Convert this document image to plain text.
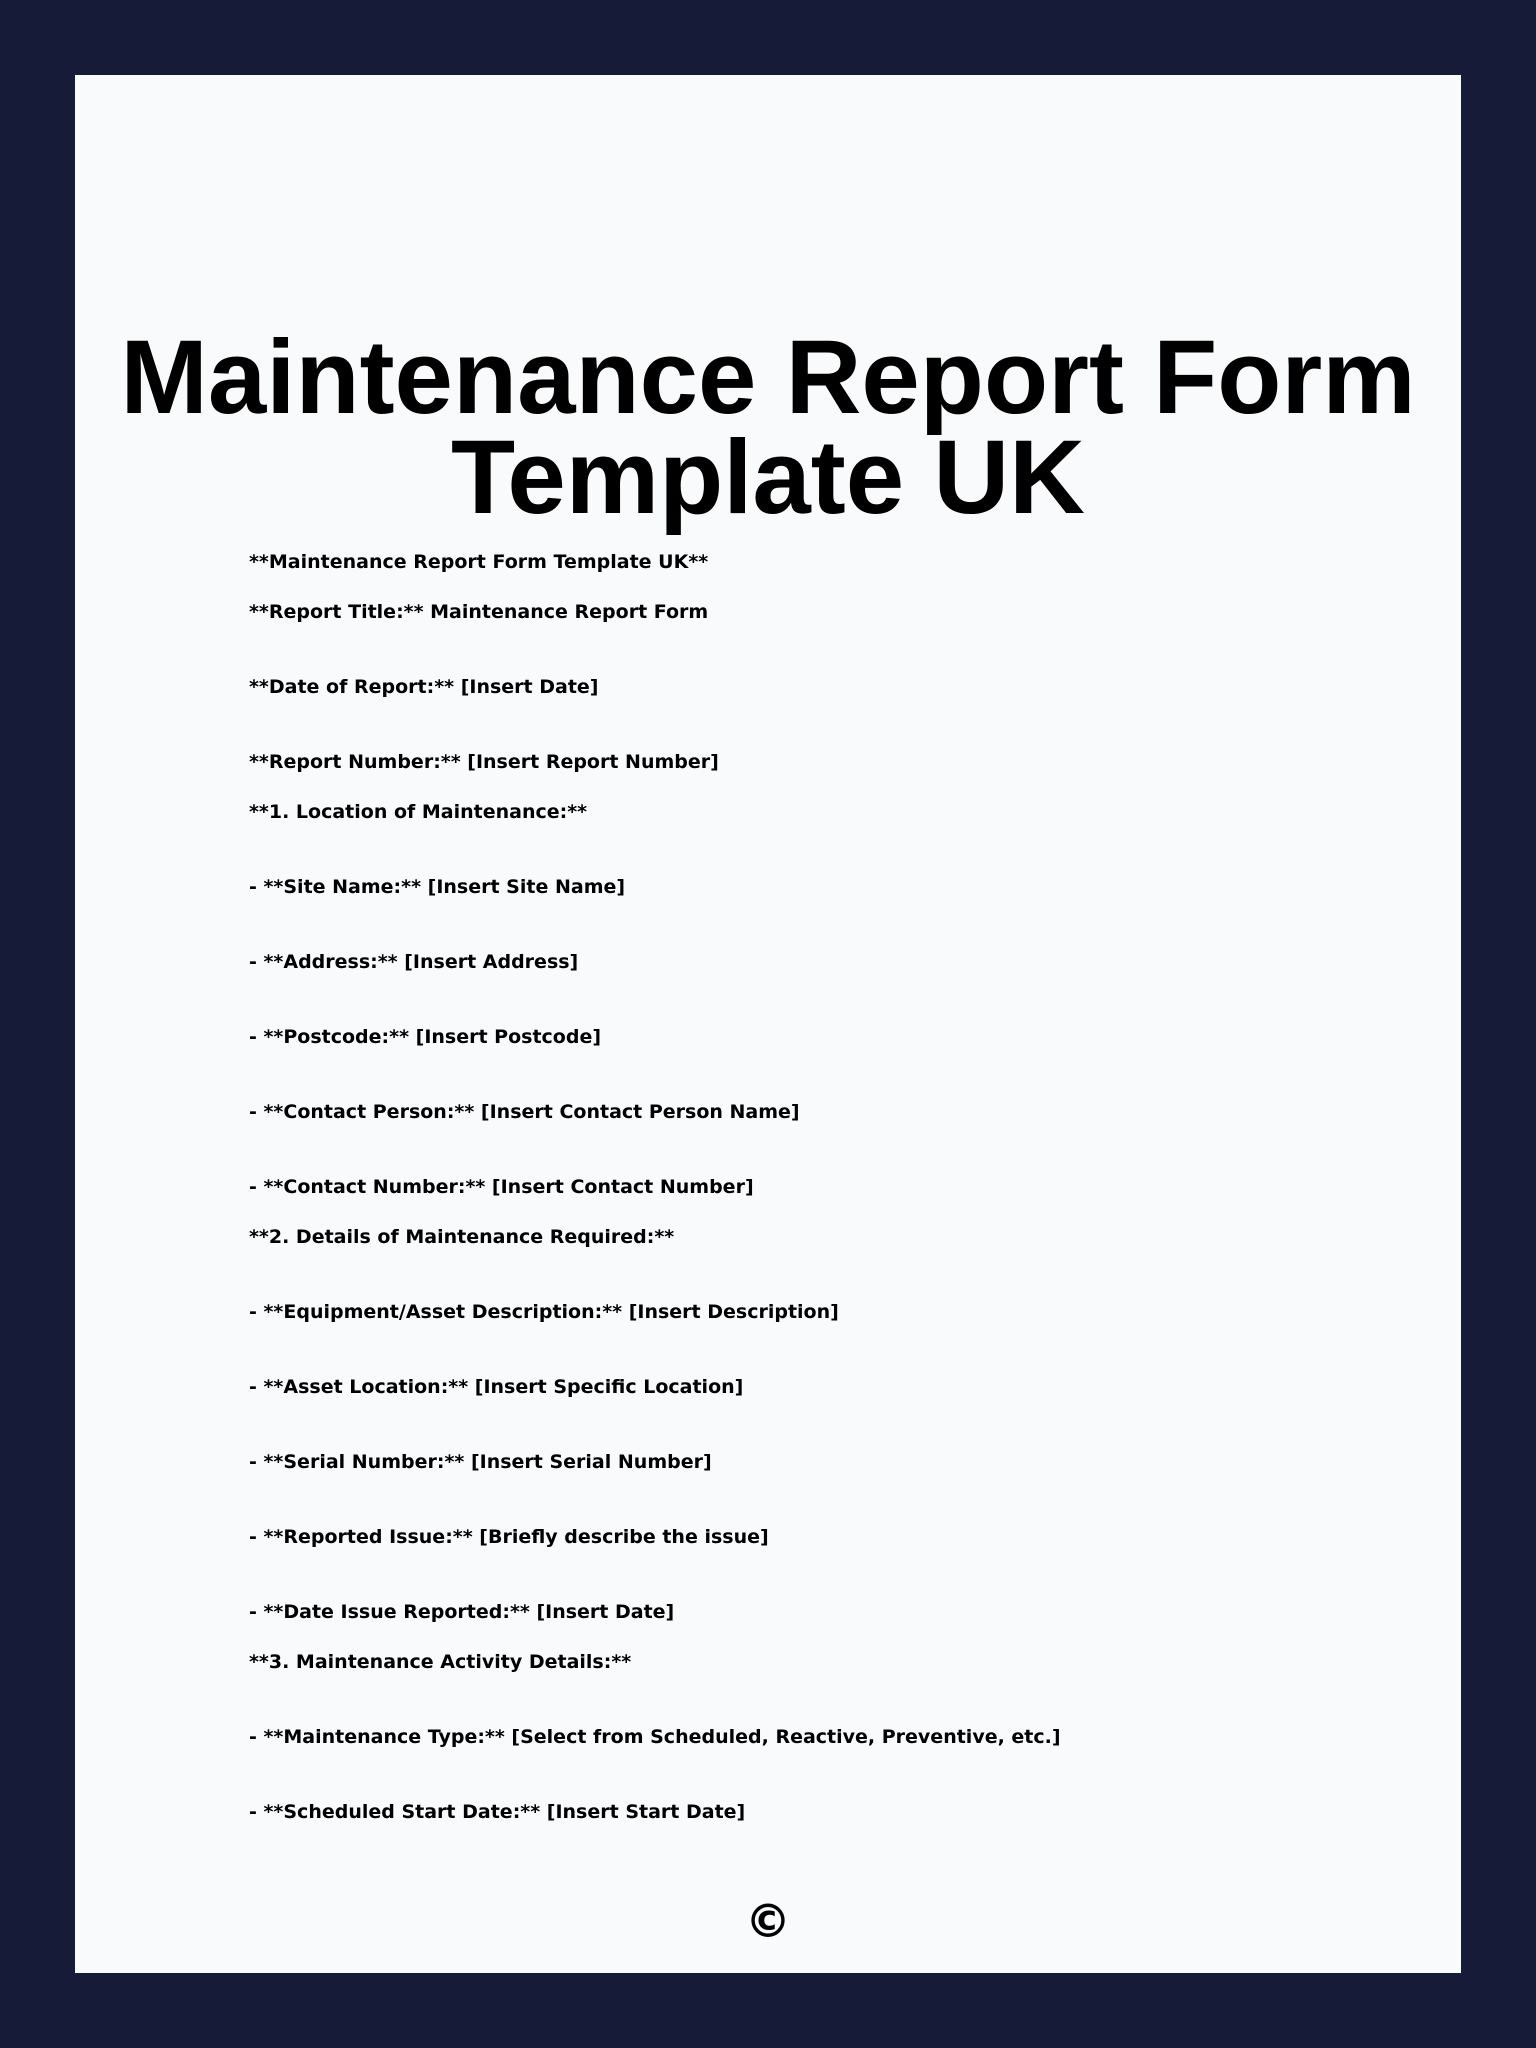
Maintenance Report Form Template UK

**Maintenance Report Form Template UK**

**Report Title:** Maintenance Report Form

**Date of Report:** [Insert Date]

**Report Number:** [Insert Report Number]

**1. Location of Maintenance:**

- **Site Name:** [Insert Site Name]

- **Address:** [Insert Address]

- **Postcode:** [Insert Postcode]

- **Contact Person:** [Insert Contact Person Name]

- **Contact Number:** [Insert Contact Number]

**2. Details of Maintenance Required:**

- **Equipment/Asset Description:** [Insert Description]

- **Asset Location:** [Insert Specific Location]

- **Serial Number:** [Insert Serial Number]

- **Reported Issue:** [Briefly describe the issue]

- **Date Issue Reported:** [Insert Date]

**3. Maintenance Activity Details:**

- **Maintenance Type:** [Select from Scheduled, Reactive, Preventive, etc.]

- **Scheduled Start Date:** [Insert Start Date]

©
